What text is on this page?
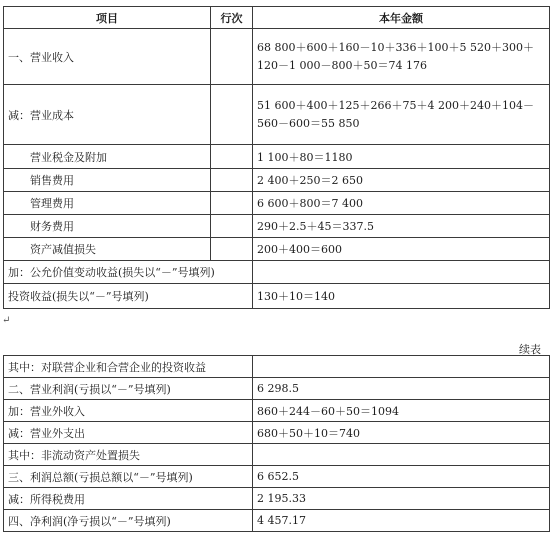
项目	行次	本年金额
一、营业收入		68 800＋600＋160－10＋336＋100＋5 520＋300＋120－1 000－800＋50＝74 176
减：营业成本		51 600＋400＋125＋266＋75＋4 200＋240＋104－560－600＝55 850
营业税金及附加		1 100＋80＝1180
销售费用		2 400＋250＝2 650
管理费用		6 600＋800＝7 400
财务费用		290＋2.5＋45＝337.5
资产减值损失		200＋400＝600
加：公允价值变动收益(损失以“－”号填列)		
投资收益(损失以“－”号填列)		130＋10＝140
↵
续表
其中：对联营企业和合营企业的投资收益	
二、营业利润(亏损以“－”号填列)	6 298.5
加：营业外收入	860＋244－60＋50＝1094
减：营业外支出	680＋50＋10＝740
其中：非流动资产处置损失	
三、利润总额(亏损总额以“－”号填列)	6 652.5
减：所得税费用	2 195.33
四、净利润(净亏损以“－”号填列)	4 457.17
